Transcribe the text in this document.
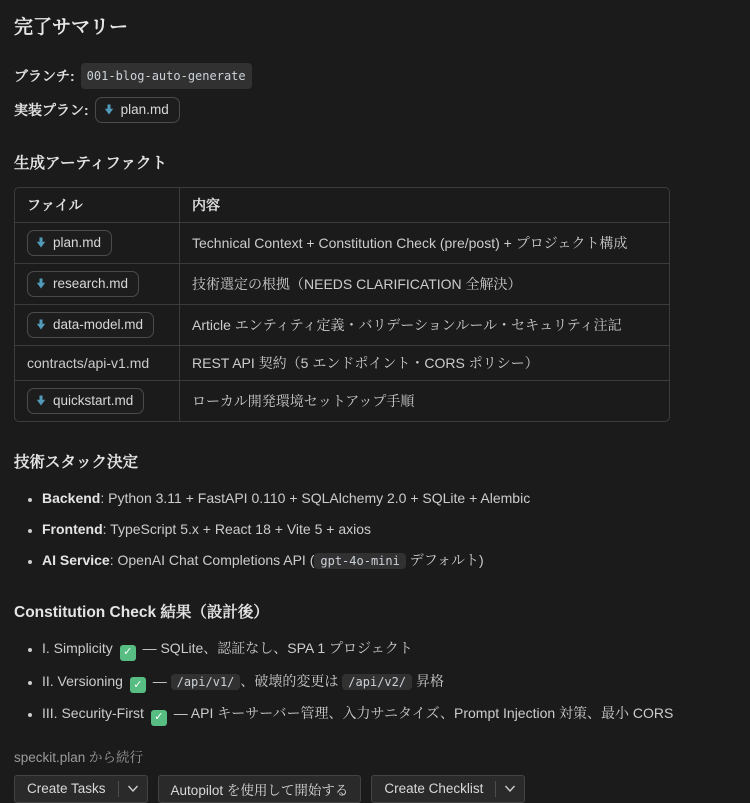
完了サマリー
ブランチ:	001-blog-auto-generate
実装プラン: plan.md
生成アーティファクト
ファイル	内容

plan.md	Technical Context + Constitution Check (pre/post) + プロジェクト構成

research.md	技術選定の根拠（NEEDS CLARIFICATION 全解決）

data-model.md	Article エンティティ定義・バリデーションルール・セキュリティ注記
contracts/api-v1.md	REST API 契約（5 エンドポイント・CORS ポリシー）

quickstart.md	ローカル開発環境セットアップ手順
技術スタック決定
• Backend: Python 3.11 + FastAPI 0.110 + SQLAlchemy 2.0 + SQLite + Alembic
• Frontend: TypeScript 5.x + React 18 + Vite 5 + axios
• AI Service: OpenAI Chat Completions API ( gpt-4o-mini デフォルト)
Constitution Check 結果（設計後）
• I. Simplicity ✓ — SQLite、認証なし、SPA 1 プロジェクト
• II. Versioning ✓ — /api/v1/ 、破壊的変更は /api/v2/ 昇格
• III. Security-First ✓ — API キーサーバー管理、入力サニタイズ、Prompt Injection 対策、最小 CORS

speckit.plan から続行

Create Tasks	Autopilot を使用して開始する	Create Checklist
